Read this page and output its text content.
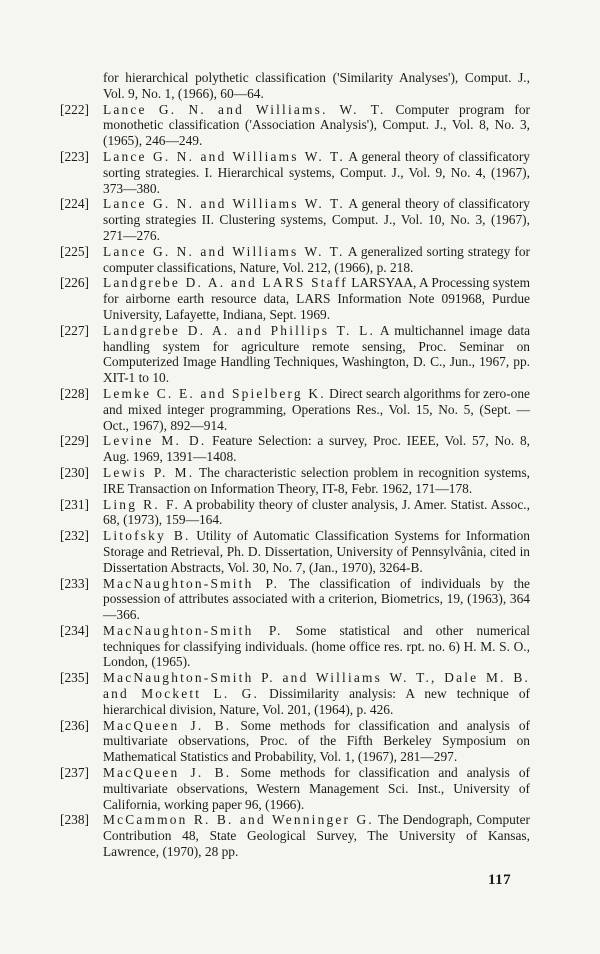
for hierarchical polythetic classification ('Similarity Analyses'), Comput. J., Vol. 9, No. 1, (1966), 60—64.

[222] Lance G. N. and Williams. W. T. Computer program for monothetic classification ('Association Analysis'), Comput. J., Vol. 8, No. 3, (1965), 246—249.

[223] Lance G. N. and Williams W. T. A general theory of classificatory sorting strategies. I. Hierarchical systems, Comput. J., Vol. 9, No. 4, (1967), 373—380.

[224] Lance G. N. and Williams W. T. A general theory of classificatory sorting strategies II. Clustering systems, Comput. J., Vol. 10, No. 3, (1967), 271—276.

[225] Lance G. N. and Williams W. T. A generalized sorting strategy for computer classifications, Nature, Vol. 212, (1966), p. 218.

[226] Landgrebe D. A. and LARS Staff LARSYAA, A Processing system for airborne earth resource data, LARS Information Note 091968, Purdue University, Lafayette, Indiana, Sept. 1969.

[227] Landgrebe D. A. and Phillips T. L. A multichannel image data handling system for agriculture remote sensing, Proc. Seminar on Computerized Image Handling Techniques, Washington, D. C., Jun., 1967, pp. XIT-1 to 10.

[228] Lemke C. E. and Spielberg K. Direct search algorithms for zero-one and mixed integer programming, Operations Res., Vol. 15, No. 5, (Sept. — Oct., 1967), 892—914.

[229] Levine M. D. Feature Selection: a survey, Proc. IEEE, Vol. 57, No. 8, Aug. 1969, 1391—1408.

[230] Lewis P. M. The characteristic selection problem in recognition systems, IRE Transaction on Information Theory, IT-8, Febr. 1962, 171—178.

[231] Ling R. F. A probability theory of cluster analysis, J. Amer. Statist. Assoc., 68, (1973), 159—164.

[232] Litofsky B. Utility of Automatic Classification Systems for Information Storage and Retrieval, Ph. D. Dissertation, University of Pennsylvânia, cited in Dissertation Abstracts, Vol. 30, No. 7, (Jan., 1970), 3264-B.

[233] MacNaughton-Smith P. The classification of individuals by the possession of attributes associated with a criterion, Biometrics, 19, (1963), 364—366.

[234] MacNaughton-Smith P. Some statistical and other numerical techniques for classifying individuals. (home office res. rpt. no. 6) H. M. S. O., London, (1965).

[235] MacNaughton-Smith P. and Williams W. T., Dale M. B. and Mockett L. G. Dissimilarity analysis: A new technique of hierarchical division, Nature, Vol. 201, (1964), p. 426.

[236] MacQueen J. B. Some methods for classification and analysis of multivariate observations, Proc. of the Fifth Berkeley Symposium on Mathematical Statistics and Probability, Vol. 1, (1967), 281—297.

[237] MacQueen J. B. Some methods for classification and analysis of multivariate observations, Western Management Sci. Inst., University of California, working paper 96, (1966).

[238] McCammon R. B. and Wenninger G. The Dendograph, Computer Contribution 48, State Geological Survey, The University of Kansas, Lawrence, (1970), 28 pp.

117
